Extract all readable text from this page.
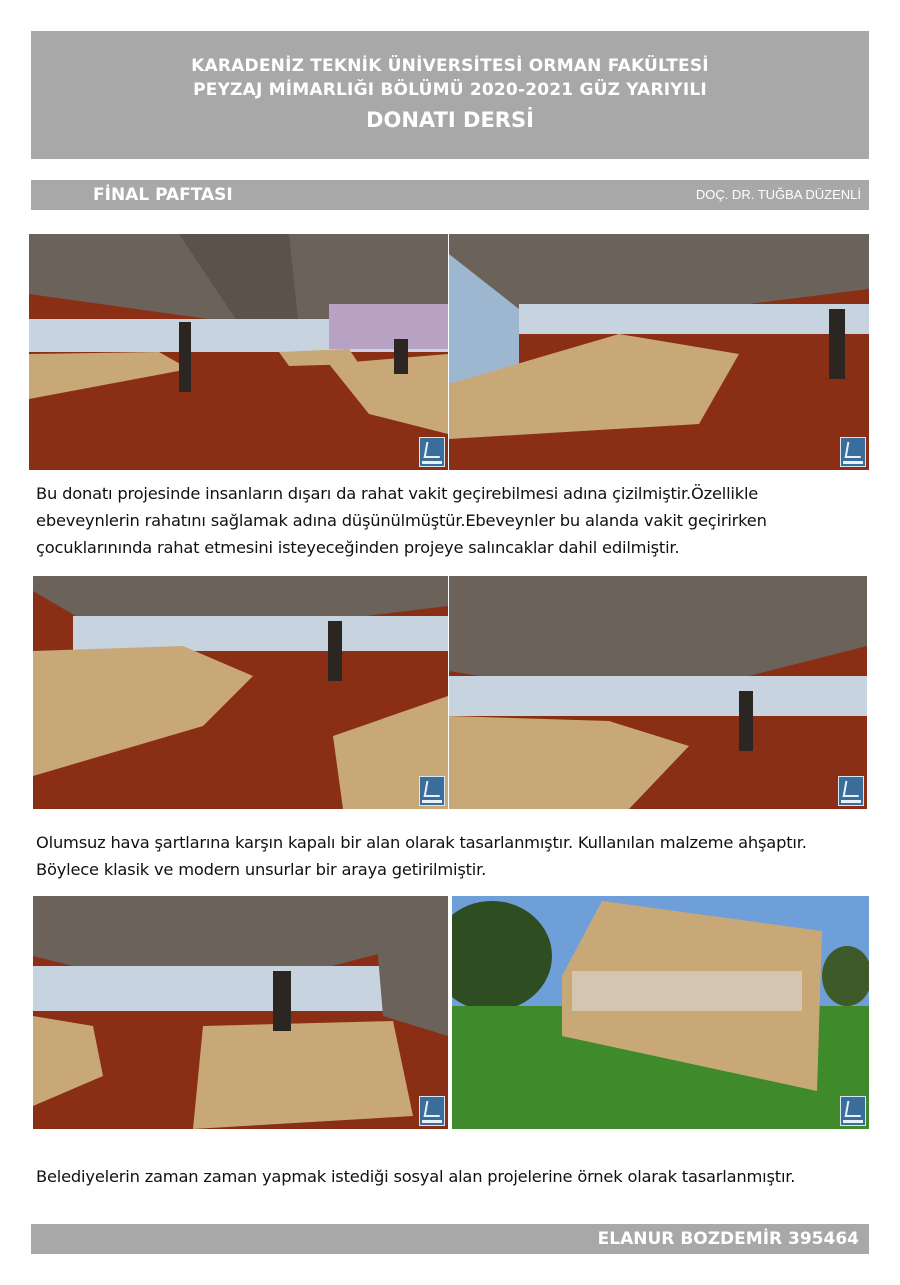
KARADENİZ TEKNİK ÜNİVERSİTESİ ORMAN FAKÜLTESİ
PEYZAJ MİMARLIĞI BÖLÜMÜ 2020-2021 GÜZ YARIYILI
DONATI DERSİ
FİNAL PAFTASI	DOÇ. DR. TUĞBA DÜZENLİ
Bu donatı projesinde insanların dışarı da rahat vakit geçirebilmesi adına çizilmiştir.Özellikle ebeveynlerin rahatını sağlamak adına düşünülmüştür.Ebeveynler bu alanda vakit geçirirken çocuklarınında rahat etmesini isteyeceğinden projeye salıncaklar dahil edilmiştir.
Olumsuz hava şartlarına karşın kapalı bir alan olarak tasarlanmıştır. Kullanılan malzeme ahşaptır. Böylece klasik ve modern unsurlar bir araya getirilmiştir.
Belediyelerin zaman zaman yapmak istediği sosyal alan projelerine örnek olarak tasarlanmıştır.
ELANUR BOZDEMİR 395464
